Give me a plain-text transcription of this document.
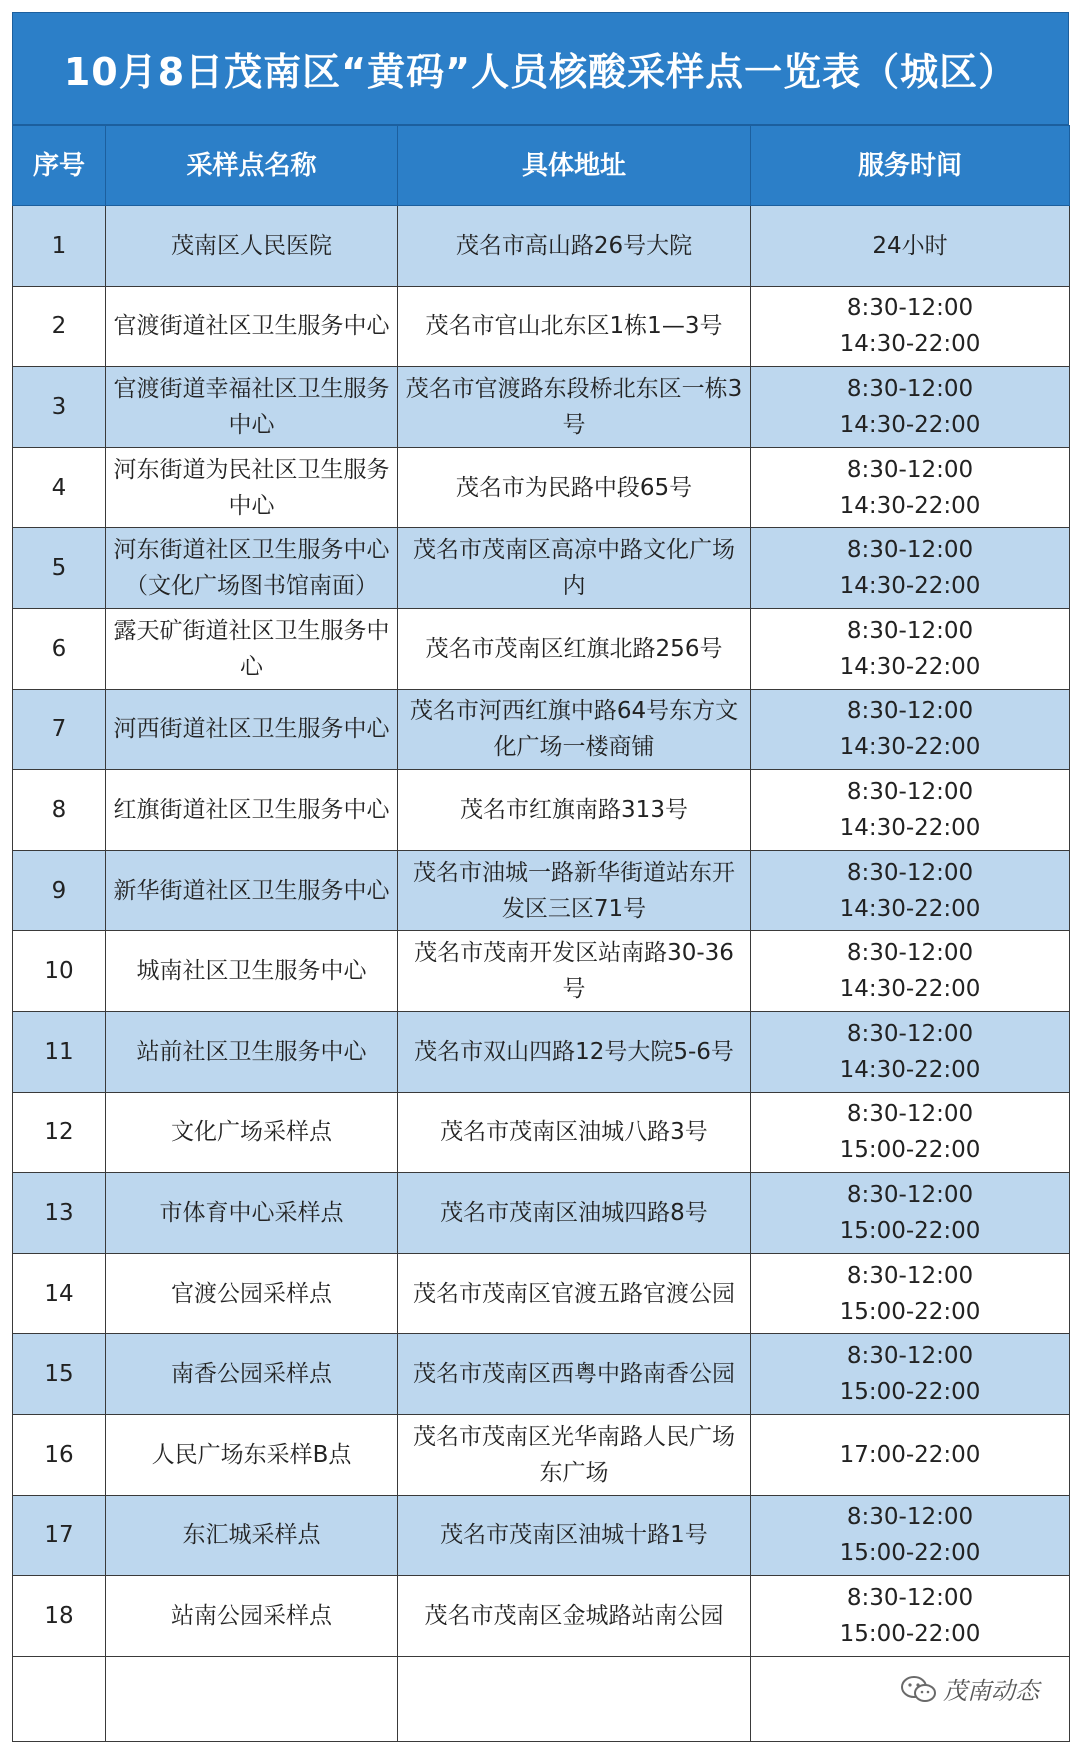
10月8日茂南区“黄码”人员核酸采样点一览表（城区）
序号	采样点名称	具体地址	服务时间
1	茂南区人民医院	茂名市高山路26号大院	24小时

2	官渡街道社区卫生服务中心	茂名市官山北东区1栋1—3号	8:30-12:00
14:30-22:00

3	官渡街道幸福社区卫生服务中心	茂名市官渡路东段桥北东区一栋3号	8:30-12:00
14:30-22:00

4	河东街道为民社区卫生服务中心	茂名市为民路中段65号	8:30-12:00
14:30-22:00

5	河东街道社区卫生服务中心（文化广场图书馆南面）	茂名市茂南区高凉中路文化广场内	8:30-12:00
14:30-22:00

6	露天矿街道社区卫生服务中心	茂名市茂南区红旗北路256号	8:30-12:00
14:30-22:00

7	河西街道社区卫生服务中心	茂名市河西红旗中路64号东方文化广场一楼商铺	8:30-12:00
14:30-22:00

8	红旗街道社区卫生服务中心	茂名市红旗南路313号	8:30-12:00
14:30-22:00

9	新华街道社区卫生服务中心	茂名市油城一路新华街道站东开发区三区71号	8:30-12:00
14:30-22:00

10	城南社区卫生服务中心	茂名市茂南开发区站南路30-36号	8:30-12:00
14:30-22:00

11	站前社区卫生服务中心	茂名市双山四路12号大院5-6号	8:30-12:00
14:30-22:00

12	文化广场采样点	茂名市茂南区油城八路3号	8:30-12:00
15:00-22:00

13	市体育中心采样点	茂名市茂南区油城四路8号	8:30-12:00
15:00-22:00

14	官渡公园采样点	茂名市茂南区官渡五路官渡公园	8:30-12:00
15:00-22:00

15	南香公园采样点	茂名市茂南区西粤中路南香公园	8:30-12:00
15:00-22:00

16	人民广场东采样B点	茂名市茂南区光华南路人民广场东广场	17:00-22:00

17	东汇城采样点	茂名市茂南区油城十路1号	8:30-12:00
15:00-22:00

18	站南公园采样点	茂名市茂南区金城路站南公园	8:30-12:00
15:00-22:00

茂南动态
